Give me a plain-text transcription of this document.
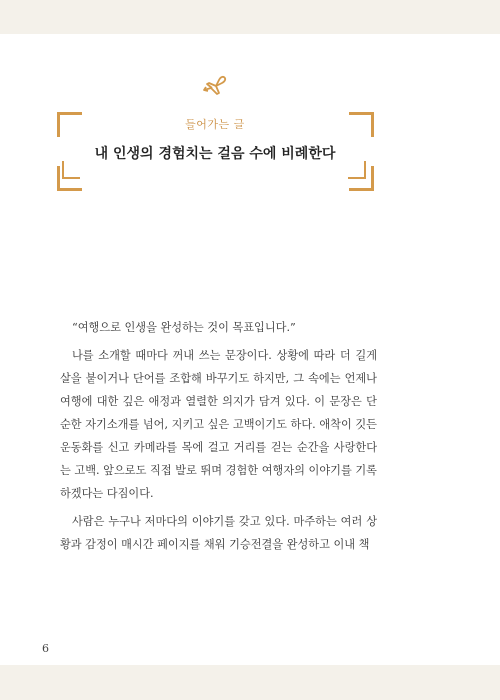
들어가는 글
내 인생의 경험치는 걸음 수에 비례한다

“여행으로 인생을 완성하는 것이 목표입니다.”

나를 소개할 때마다 꺼내 쓰는 문장이다. 상황에 따라 더 길게 살을 붙이거나 단어를 조합해 바꾸기도 하지만, 그 속에는 언제나 여행에 대한 깊은 애정과 열렬한 의지가 담겨 있다. 이 문장은 단순한 자기소개를 넘어, 지키고 싶은 고백이기도 하다. 애착이 깃든 운동화를 신고 카메라를 목에 걸고 거리를 걷는 순간을 사랑한다는 고백. 앞으로도 직접 발로 뛰며 경험한 여행자의 이야기를 기록하겠다는 다짐이다.

사람은 누구나 저마다의 이야기를 갖고 있다. 마주하는 여러 상황과 감정이 매시간 페이지를 채워 기승전결을 완성하고 이내 책

6
